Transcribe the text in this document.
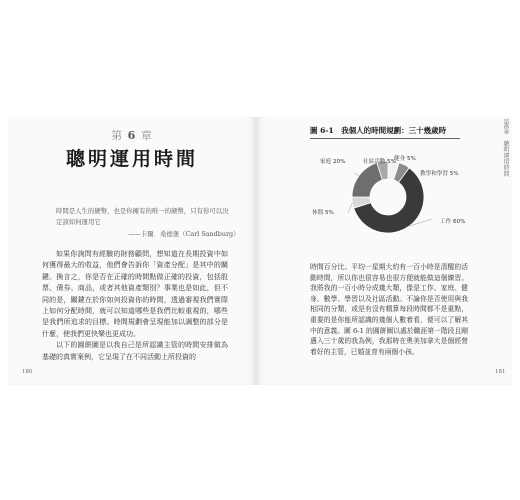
第 6 章
聰明運用時間
時間是人生的硬幣，也是你擁有的唯一的硬幣，只有你可以決定該如何運用它
——卡爾．桑德堡（Carl Sandburg）

如果你詢問有經驗的財務顧問，想知道在長期投資中如何獲得最大的收益，他們會告訴你「資產分配」是其中的關鍵。換言之，你是否在正確的時間點做正確的投資，包括股票、債券、商品，或者其他資產類別？事業也是如此，但不同的是，關鍵在於你如何投資你的時間，透過審視我們實際上如何分配時間，就可以知道哪些是我們比較重視的，哪些是我們所追求的目標。時間規劃會呈現能加以調整的部分是什麼，使我們更快樂也更成功。

以下的圓餅圖是以我自己是所認識主管的時間安排做為基礎的真實案例，它呈現了在不同活動上所投資的

180
圖 6-1　我個人的時間規劃：三十幾歲時	第6章　聰明運用時間
健身 5%
教學和學習 5%
工作 60%
休閒 5%
家庭 20%	社區活動 5%

時間百分比。平均一星期大約有一百小時是清醒的活動時間，所以你也很容易也很方便就能做這個練習。我將我的一百小時分成幾大類，像是工作、家庭、健身、數學、學習以及社區活動。不論你是否使用與我相同的分類，或是有沒有精算每段時間都不是重點，重要的是你能所認識的幾個人數着看，便可以了解其中的意義。圖 6-1 的圓餅圖以處於職涯第一階段且剛邁入三十歲的我為例，我那時在奧美加拿大是個經營着好的主管，已婚並育有兩個小孩。

181
